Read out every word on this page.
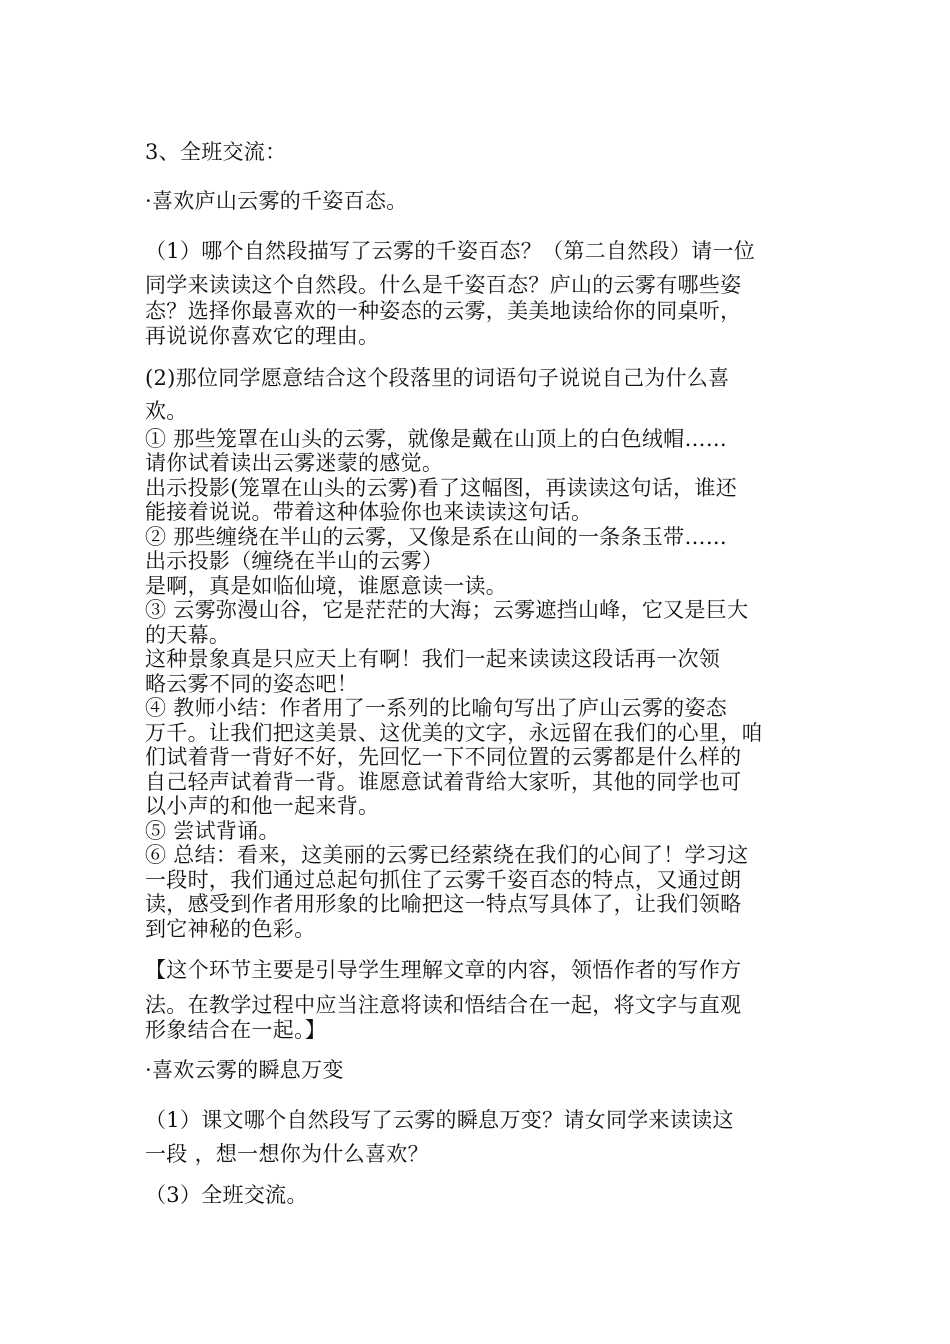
3、全班交流：
·喜欢庐山云雾的千姿百态。
（1）哪个自然段描写了云雾的千姿百态？（第二自然段）请一位
同学来读读这个自然段。什么是千姿百态？庐山的云雾有哪些姿
态？选择你最喜欢的一种姿态的云雾，美美地读给你的同桌听，
再说说你喜欢它的理由。
(2)那位同学愿意结合这个段落里的词语句子说说自己为什么喜
欢。
① 那些笼罩在山头的云雾，就像是戴在山顶上的白色绒帽……
请你试着读出云雾迷蒙的感觉。
出示投影(笼罩在山头的云雾)看了这幅图，再读读这句话，谁还
能接着说说。带着这种体验你也来读读这句话。
② 那些缠绕在半山的云雾，又像是系在山间的一条条玉带……
出示投影（缠绕在半山的云雾）
是啊，真是如临仙境，谁愿意读一读。
③ 云雾弥漫山谷，它是茫茫的大海；云雾遮挡山峰，它又是巨大
的天幕。
这种景象真是只应天上有啊！我们一起来读读这段话再一次领
略云雾不同的姿态吧！
④ 教师小结：作者用了一系列的比喻句写出了庐山云雾的姿态
万千。让我们把这美景、这优美的文字，永远留在我们的心里，咱
们试着背一背好不好，先回忆一下不同位置的云雾都是什么样的
自己轻声试着背一背。谁愿意试着背给大家听，其他的同学也可
以小声的和他一起来背。
⑤ 尝试背诵。
⑥ 总结：看来，这美丽的云雾已经萦绕在我们的心间了！学习这
一段时，我们通过总起句抓住了云雾千姿百态的特点，又通过朗
读，感受到作者用形象的比喻把这一特点写具体了，让我们领略
到它神秘的色彩。
【这个环节主要是引导学生理解文章的内容，领悟作者的写作方
法。在教学过程中应当注意将读和悟结合在一起，将文字与直观
形象结合在一起。】
·喜欢云雾的瞬息万变
（1）课文哪个自然段写了云雾的瞬息万变？请女同学来读读这
一段 ，想一想你为什么喜欢？
（3）全班交流。
